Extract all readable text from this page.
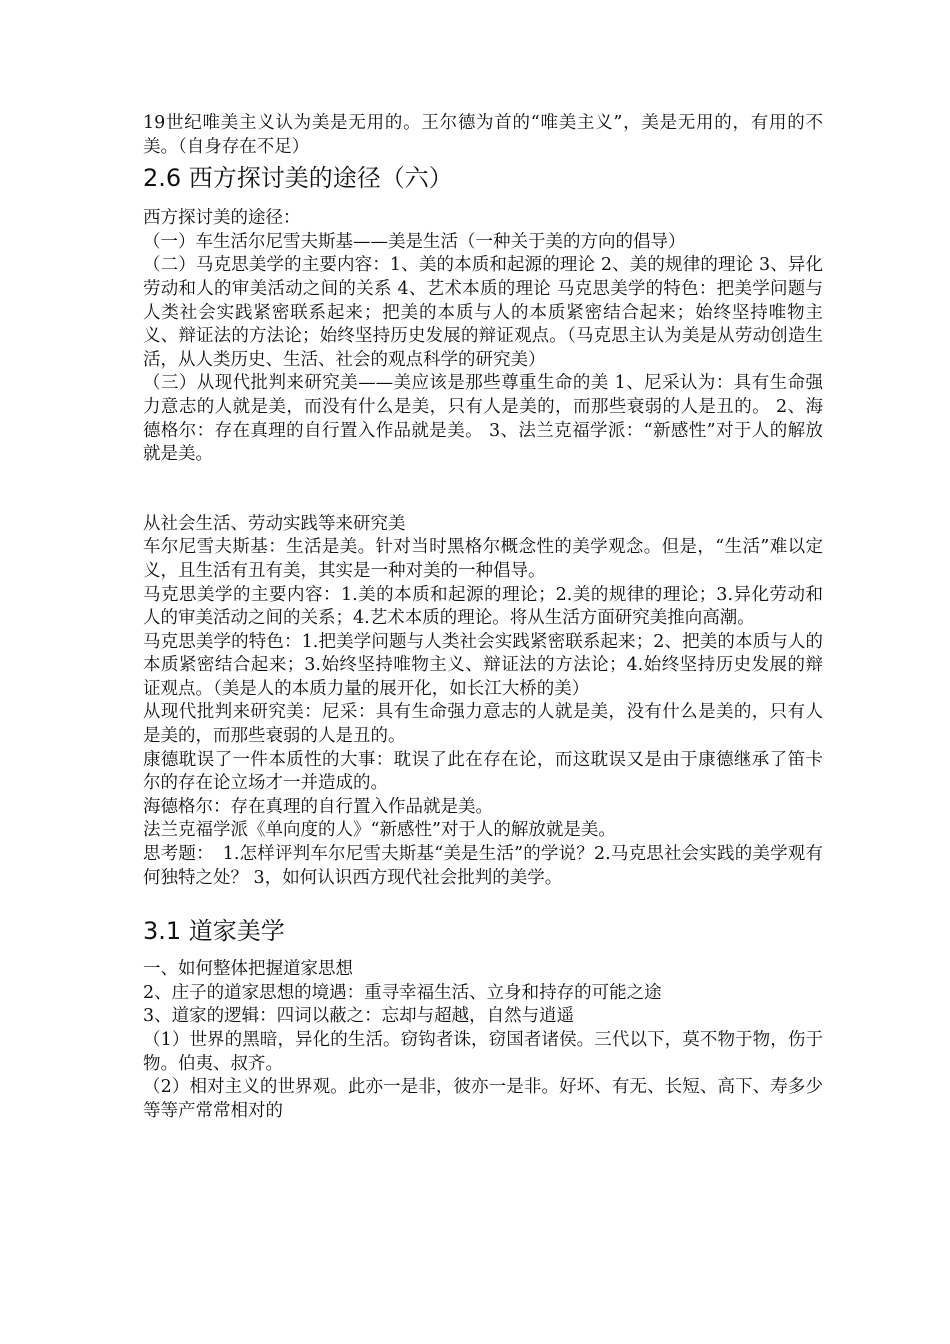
19世纪唯美主义认为美是无用的。王尔德为首的“唯美主义”，美是无用的，有用的不美。（自身存在不足）

2.6 西方探讨美的途径（六）

西方探讨美的途径：

（一）车生活尔尼雪夫斯基——美是生活（一种关于美的方向的倡导）

（二）马克思美学的主要内容：1、美的本质和起源的理论 2、美的规律的理论 3、异化劳动和人的审美活动之间的关系 4、艺术本质的理论 马克思美学的特色：把美学问题与人类社会实践紧密联系起来；把美的本质与人的本质紧密结合起来；始终坚持唯物主义、辩证法的方法论；始终坚持历史发展的辩证观点。（马克思主认为美是从劳动创造生活，从人类历史、生活、社会的观点科学的研究美）

（三）从现代批判来研究美——美应该是那些尊重生命的美 1、尼采认为：具有生命强力意志的人就是美，而没有什么是美，只有人是美的，而那些衰弱的人是丑的。 2、海德格尔：存在真理的自行置入作品就是美。 3、法兰克福学派：“新感性”对于人的解放就是美。

从社会生活、劳动实践等来研究美

车尔尼雪夫斯基：生活是美。针对当时黑格尔概念性的美学观念。但是，“生活”难以定义，且生活有丑有美，其实是一种对美的一种倡导。

马克思美学的主要内容：1.美的本质和起源的理论；2.美的规律的理论；3.异化劳动和人的审美活动之间的关系；4.艺术本质的理论。将从生活方面研究美推向高潮。

马克思美学的特色：1.把美学问题与人类社会实践紧密联系起来；2、把美的本质与人的本质紧密结合起来；3.始终坚持唯物主义、辩证法的方法论；4.始终坚持历史发展的辩证观点。（美是人的本质力量的展开化，如长江大桥的美）

从现代批判来研究美：尼采：具有生命强力意志的人就是美，没有什么是美的，只有人是美的，而那些衰弱的人是丑的。

康德耽误了一件本质性的大事：耽误了此在存在论，而这耽误又是由于康德继承了笛卡尔的存在论立场才一并造成的。

海德格尔：存在真理的自行置入作品就是美。

法兰克福学派《单向度的人》“新感性”对于人的解放就是美。

思考题：　1.怎样评判车尔尼雪夫斯基“美是生活”的学说？2.马克思社会实践的美学观有何独特之处？ 3，如何认识西方现代社会批判的美学。

3.1 道家美学

一、如何整体把握道家思想

2、庄子的道家思想的境遇：重寻幸福生活、立身和持存的可能之途

3、道家的逻辑：四词以蔽之：忘却与超越，自然与逍遥

（1）世界的黑暗，异化的生活。窃钩者诛，窃国者诸侯。三代以下，莫不物于物，伤于物。伯夷、叔齐。

（2）相对主义的世界观。此亦一是非，彼亦一是非。好坏、有无、长短、高下、寿多少等等产常常相对的
